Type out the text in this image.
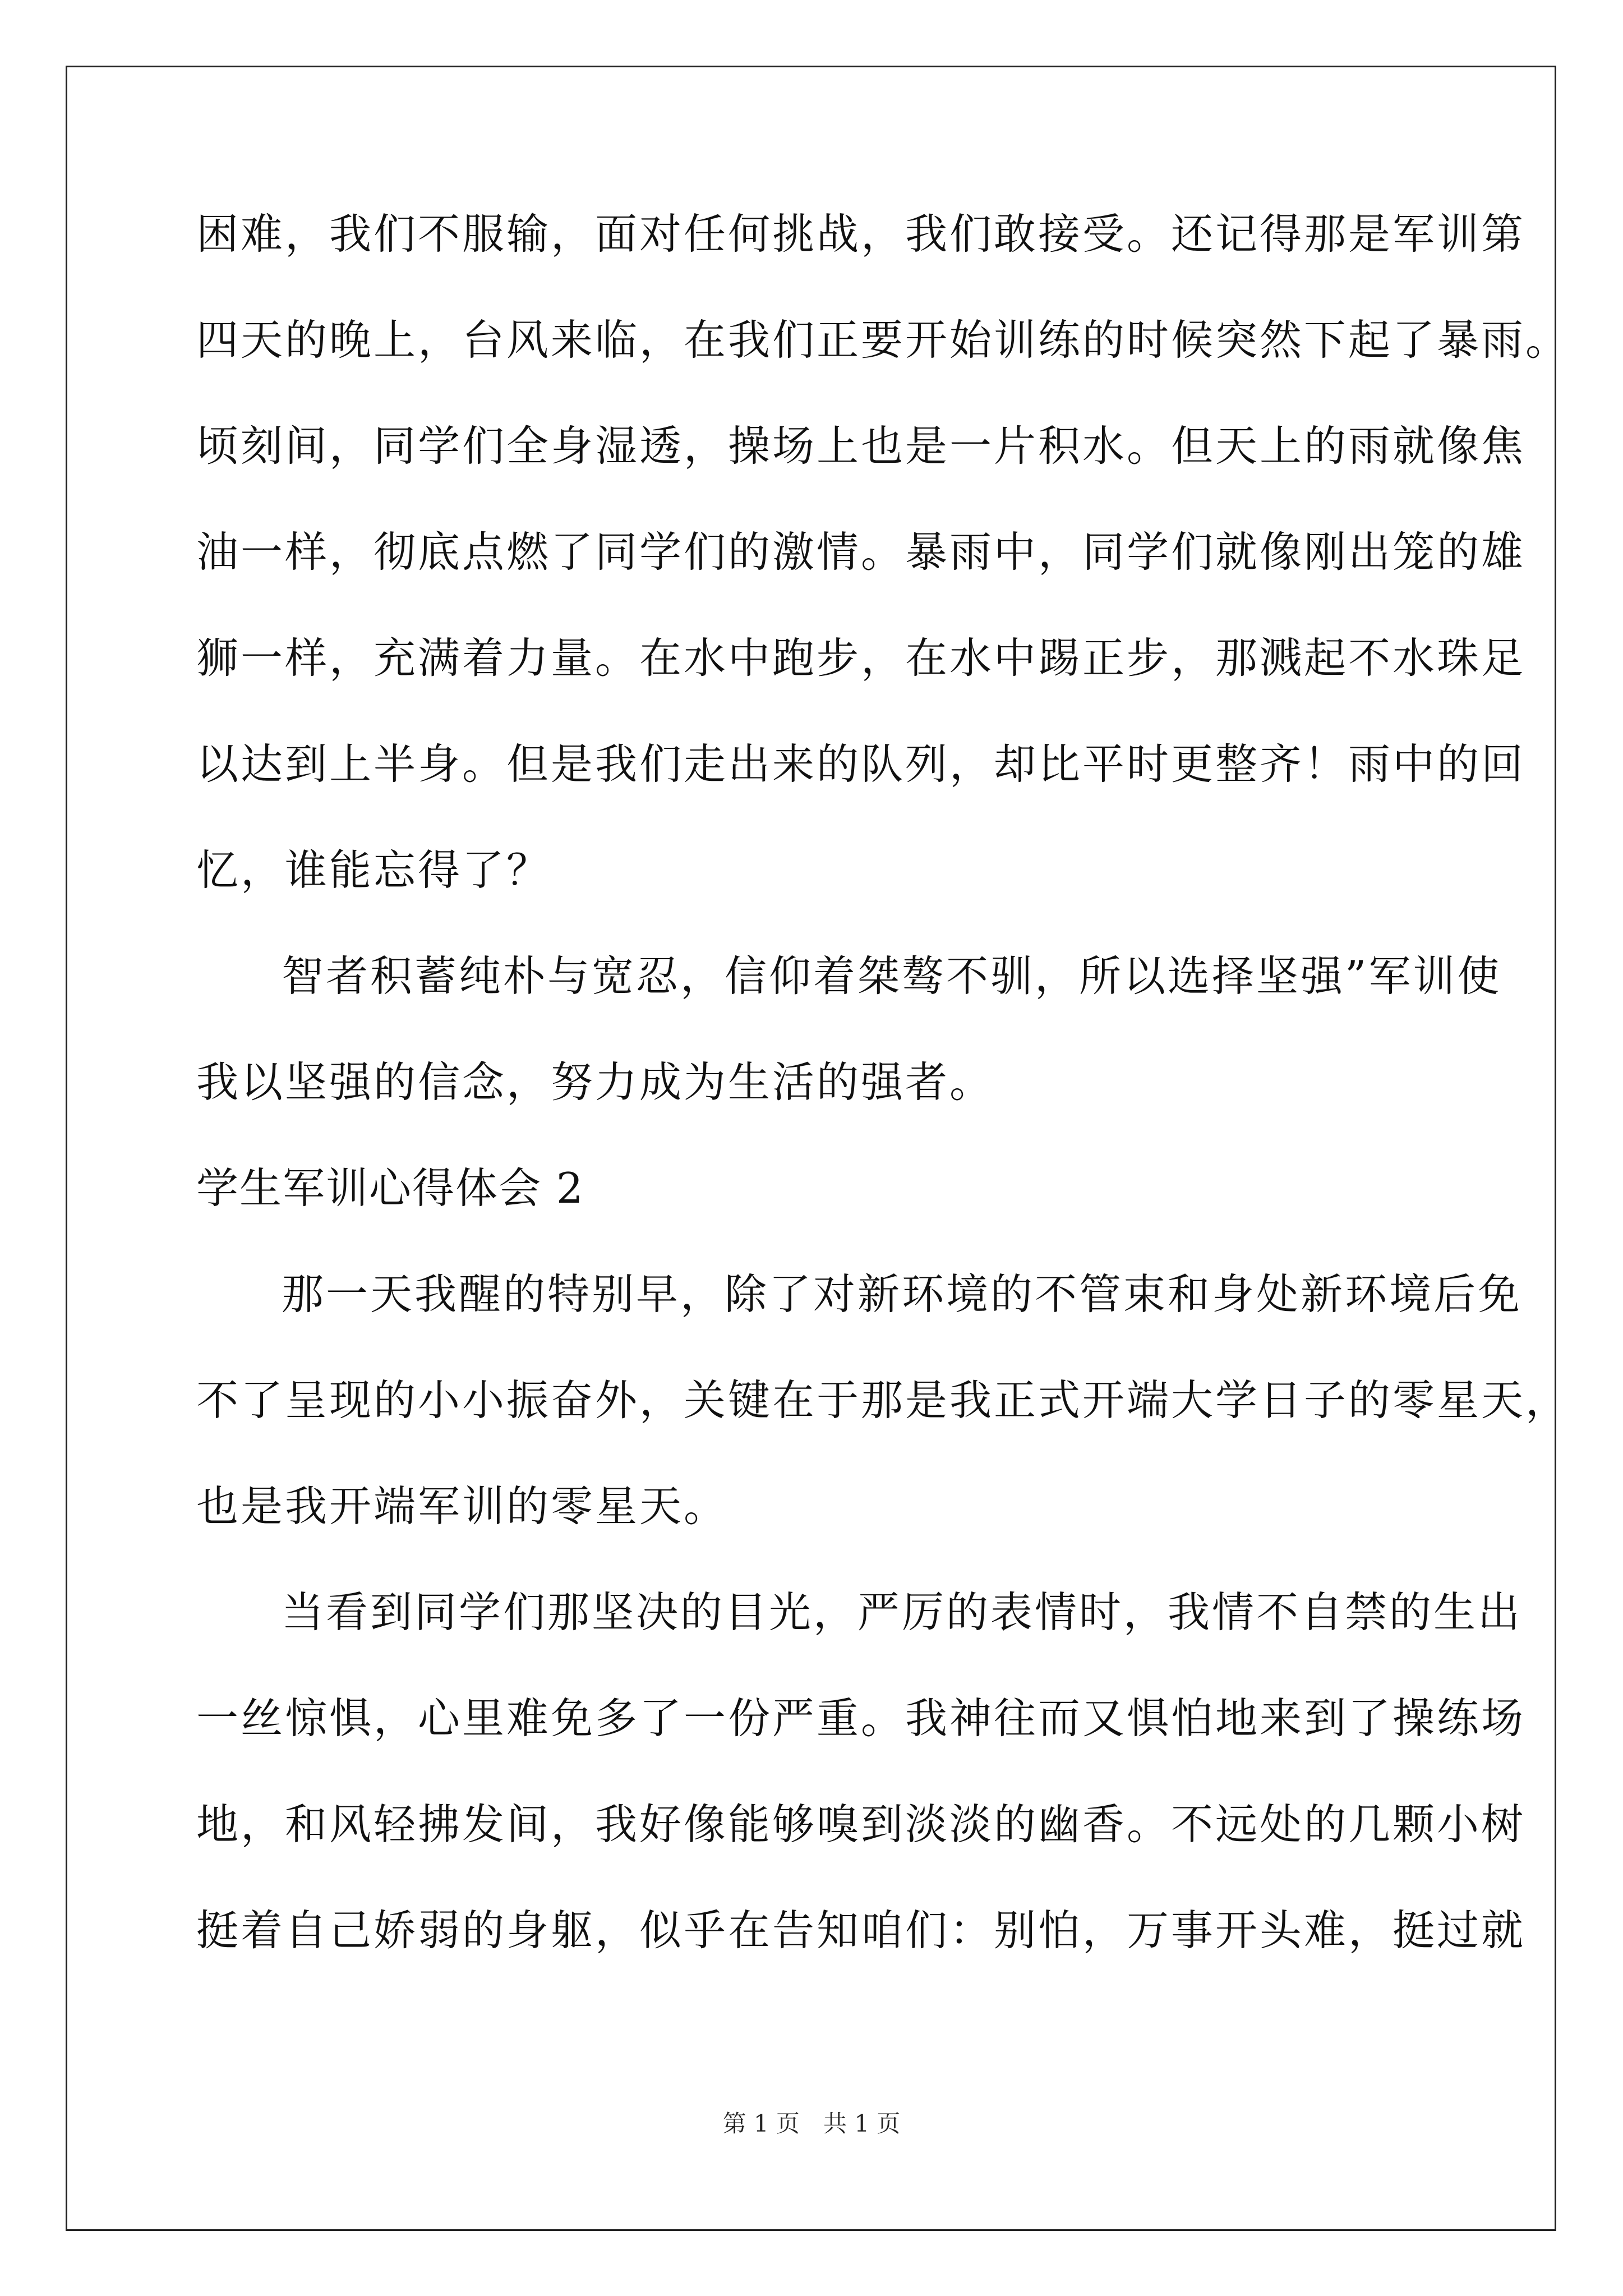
困难，我们不服输，面对任何挑战，我们敢接受。还记得那是军训第
四天的晚上，台风来临，在我们正要开始训练的时候突然下起了暴雨。
顷刻间，同学们全身湿透，操场上也是一片积水。但天上的雨就像焦
油一样，彻底点燃了同学们的激情。暴雨中，同学们就像刚出笼的雄
狮一样，充满着力量。在水中跑步，在水中踢正步，那溅起不水珠足
以达到上半身。但是我们走出来的队列，却比平时更整齐！雨中的回
忆，谁能忘得了？
智者积蓄纯朴与宽忍，信仰着桀骜不驯，所以选择坚强”军训使
我以坚强的信念，努力成为生活的强者。
学生军训心得体会 2
那一天我醒的特别早，除了对新环境的不管束和身处新环境后免
不了呈现的小小振奋外，关键在于那是我正式开端大学日子的零星天，
也是我开端军训的零星天。
当看到同学们那坚决的目光，严厉的表情时，我情不自禁的生出
一丝惊惧，心里难免多了一份严重。我神往而又惧怕地来到了操练场
地，和风轻拂发间，我好像能够嗅到淡淡的幽香。不远处的几颗小树
挺着自己娇弱的身躯，似乎在告知咱们：别怕，万事开头难，挺过就
第 1 页　共 1 页
